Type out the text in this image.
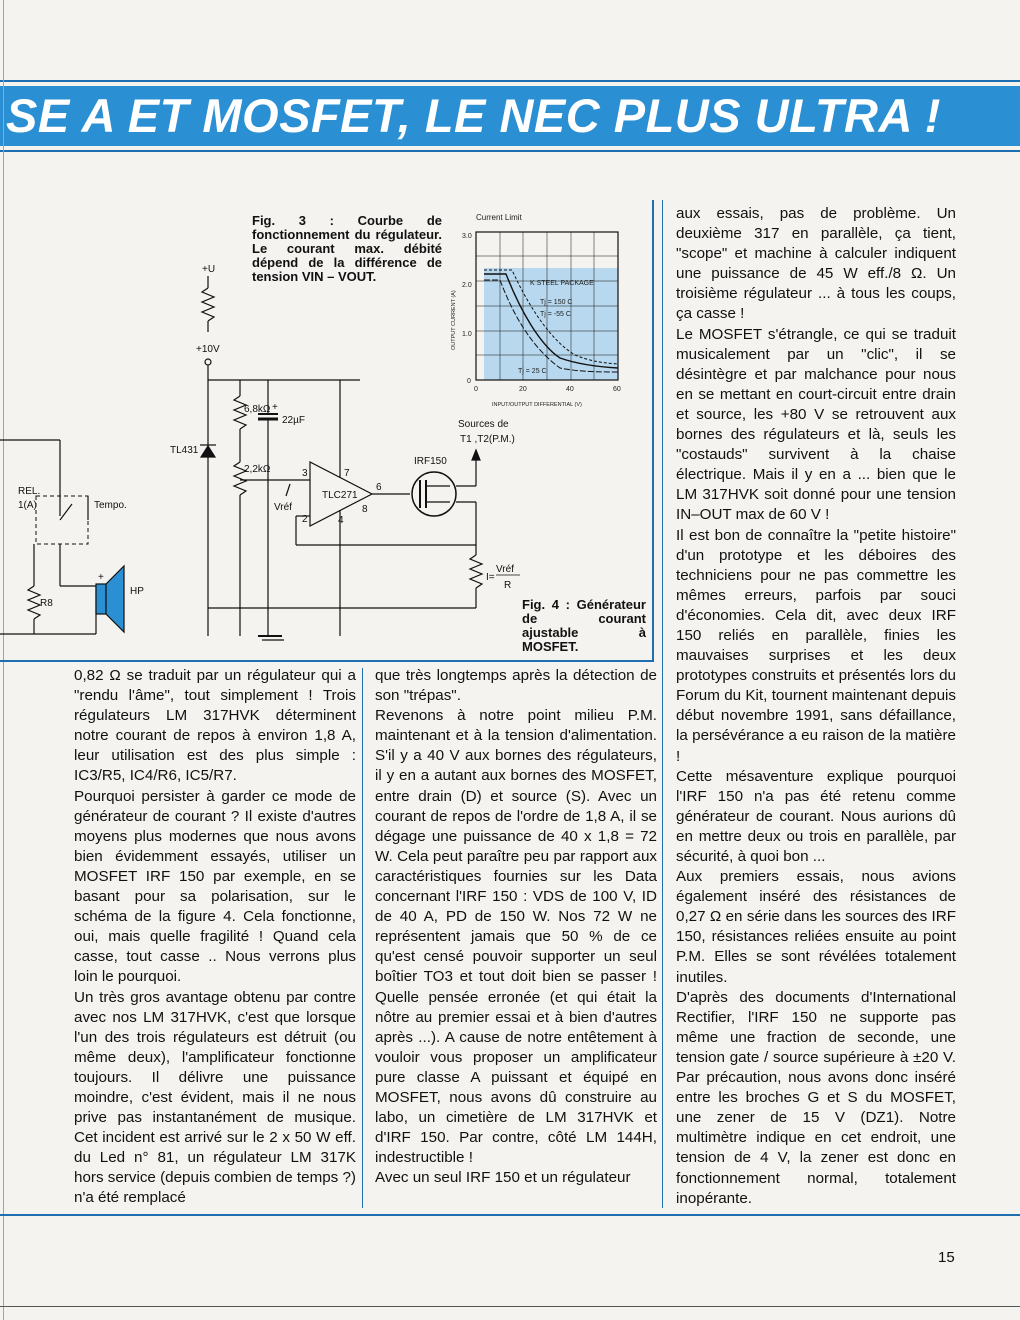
SE A ET MOSFET, LE NEC PLUS ULTRA !
Fig. 3 : Courbe de fonctionnement du régulateur. Le courant max. débité dépend de la différence de tension VIN – VOUT.
Fig. 4 : Générateur de courant ajustable à MOSFET.
Current Limit
K STEEL PACKAGE
Tj = 150 C
Tj = -55 C
Tj = 25 C
3.0
2.0
1.0
0
0	20	40	60
INPUT/OUTPUT DIFFERENTIAL (V)
OUTPUT CURRENT (A)
+U
+10V
TL431
6,8kΩ +
22µF
2,2kΩ
TLC271
3
2
7
6
4
8
Vréf
IRF150
Sources de
T1 ,T2(P.M.)
I=
Vréf
R
REL.
1(A)	Tempo.
R8
+
HP

0,82 Ω se traduit par un régulateur qui a "rendu l'âme", tout simplement ! Trois régulateurs LM 317HVK déterminent notre courant de repos à environ 1,8 A, leur utilisation est des plus simple : IC3/R5, IC4/R6, IC5/R7.

Pourquoi persister à garder ce mode de générateur de courant ? Il existe d'autres moyens plus modernes que nous avons bien évidemment essayés, utiliser un MOSFET IRF 150 par exemple, en se basant pour sa polarisation, sur le schéma de la figure 4. Cela fonctionne, oui, mais quelle fragilité ! Quand cela casse, tout casse .. Nous verrons plus loin le pourquoi.

Un très gros avantage obtenu par contre avec nos LM 317HVK, c'est que lorsque l'un des trois régulateurs est détruit (ou même deux), l'amplificateur fonctionne toujours. Il délivre une puissance moindre, c'est évident, mais il ne nous prive pas instantanément de musique. Cet incident est arrivé sur le 2 x 50 W eff. du Led n° 81, un régulateur LM 317K hors service (depuis combien de temps ?) n'a été remplacé

que très longtemps après la détection de son "trépas".

Revenons à notre point milieu P.M. maintenant et à la tension d'alimentation. S'il y a 40 V aux bornes des régulateurs, il y en a autant aux bornes des MOSFET, entre drain (D) et source (S). Avec un courant de repos de l'ordre de 1,8 A, il se dégage une puissance de 40 x 1,8 = 72 W. Cela peut paraître peu par rapport aux caractéristiques fournies sur les Data concernant l'IRF 150 : VDS de 100 V, ID de 40 A, PD de 150 W. Nos 72 W ne représentent jamais que 50 % de ce qu'est censé pouvoir supporter un seul boîtier TO3 et tout doit bien se passer ! Quelle pensée erronée (et qui était la nôtre au premier essai et à bien d'autres après ...). A cause de notre entêtement à vouloir vous proposer un amplificateur pure classe A puissant et équipé en MOSFET, nous avons dû construire au labo, un cimetière de LM 317HVK et d'IRF 150. Par contre, côté LM 144H, indestructible !

Avec un seul IRF 150 et un régulateur

aux essais, pas de problème. Un deuxième 317 en parallèle, ça tient, "scope" et machine à calculer indiquent une puissance de 45 W eff./8 Ω. Un troisième régulateur ... à tous les coups, ça casse !

Le MOSFET s'étrangle, ce qui se traduit musicalement par un "clic", il se désintègre et par malchance pour nous en se mettant en court-circuit entre drain et source, les +80 V se retrouvent aux bornes des régulateurs et là, seuls les "costauds" survivent à la chaise électrique. Mais il y en a ... bien que le LM 317HVK soit donné pour une tension IN–OUT max de 60 V !

Il est bon de connaître la "petite histoire" d'un prototype et les déboires des techniciens pour ne pas commettre les mêmes erreurs, parfois par souci d'économies. Cela dit, avec deux IRF 150 reliés en parallèle, finies les mauvaises surprises et les deux prototypes construits et présentés lors du Forum du Kit, tournent maintenant depuis début novembre 1991, sans défaillance, la persévérance a eu raison de la matière !

Cette mésaventure explique pourquoi l'IRF 150 n'a pas été retenu comme générateur de courant. Nous aurions dû en mettre deux ou trois en parallèle, par sécurité, à quoi bon ...

Aux premiers essais, nous avions également inséré des résistances de 0,27 Ω en série dans les sources des IRF 150, résistances reliées ensuite au point P.M. Elles se sont révélées totalement inutiles.

D'après des documents d'International Rectifier, l'IRF 150 ne supporte pas même une fraction de seconde, une tension gate / source supérieure à ±20 V. Par précaution, nous avons donc inséré entre les broches G et S du MOSFET, une zener de 15 V (DZ1). Notre multimètre indique en cet endroit, une tension de 4 V, la zener est donc en fonctionnement normal, totalement inopérante.

15
